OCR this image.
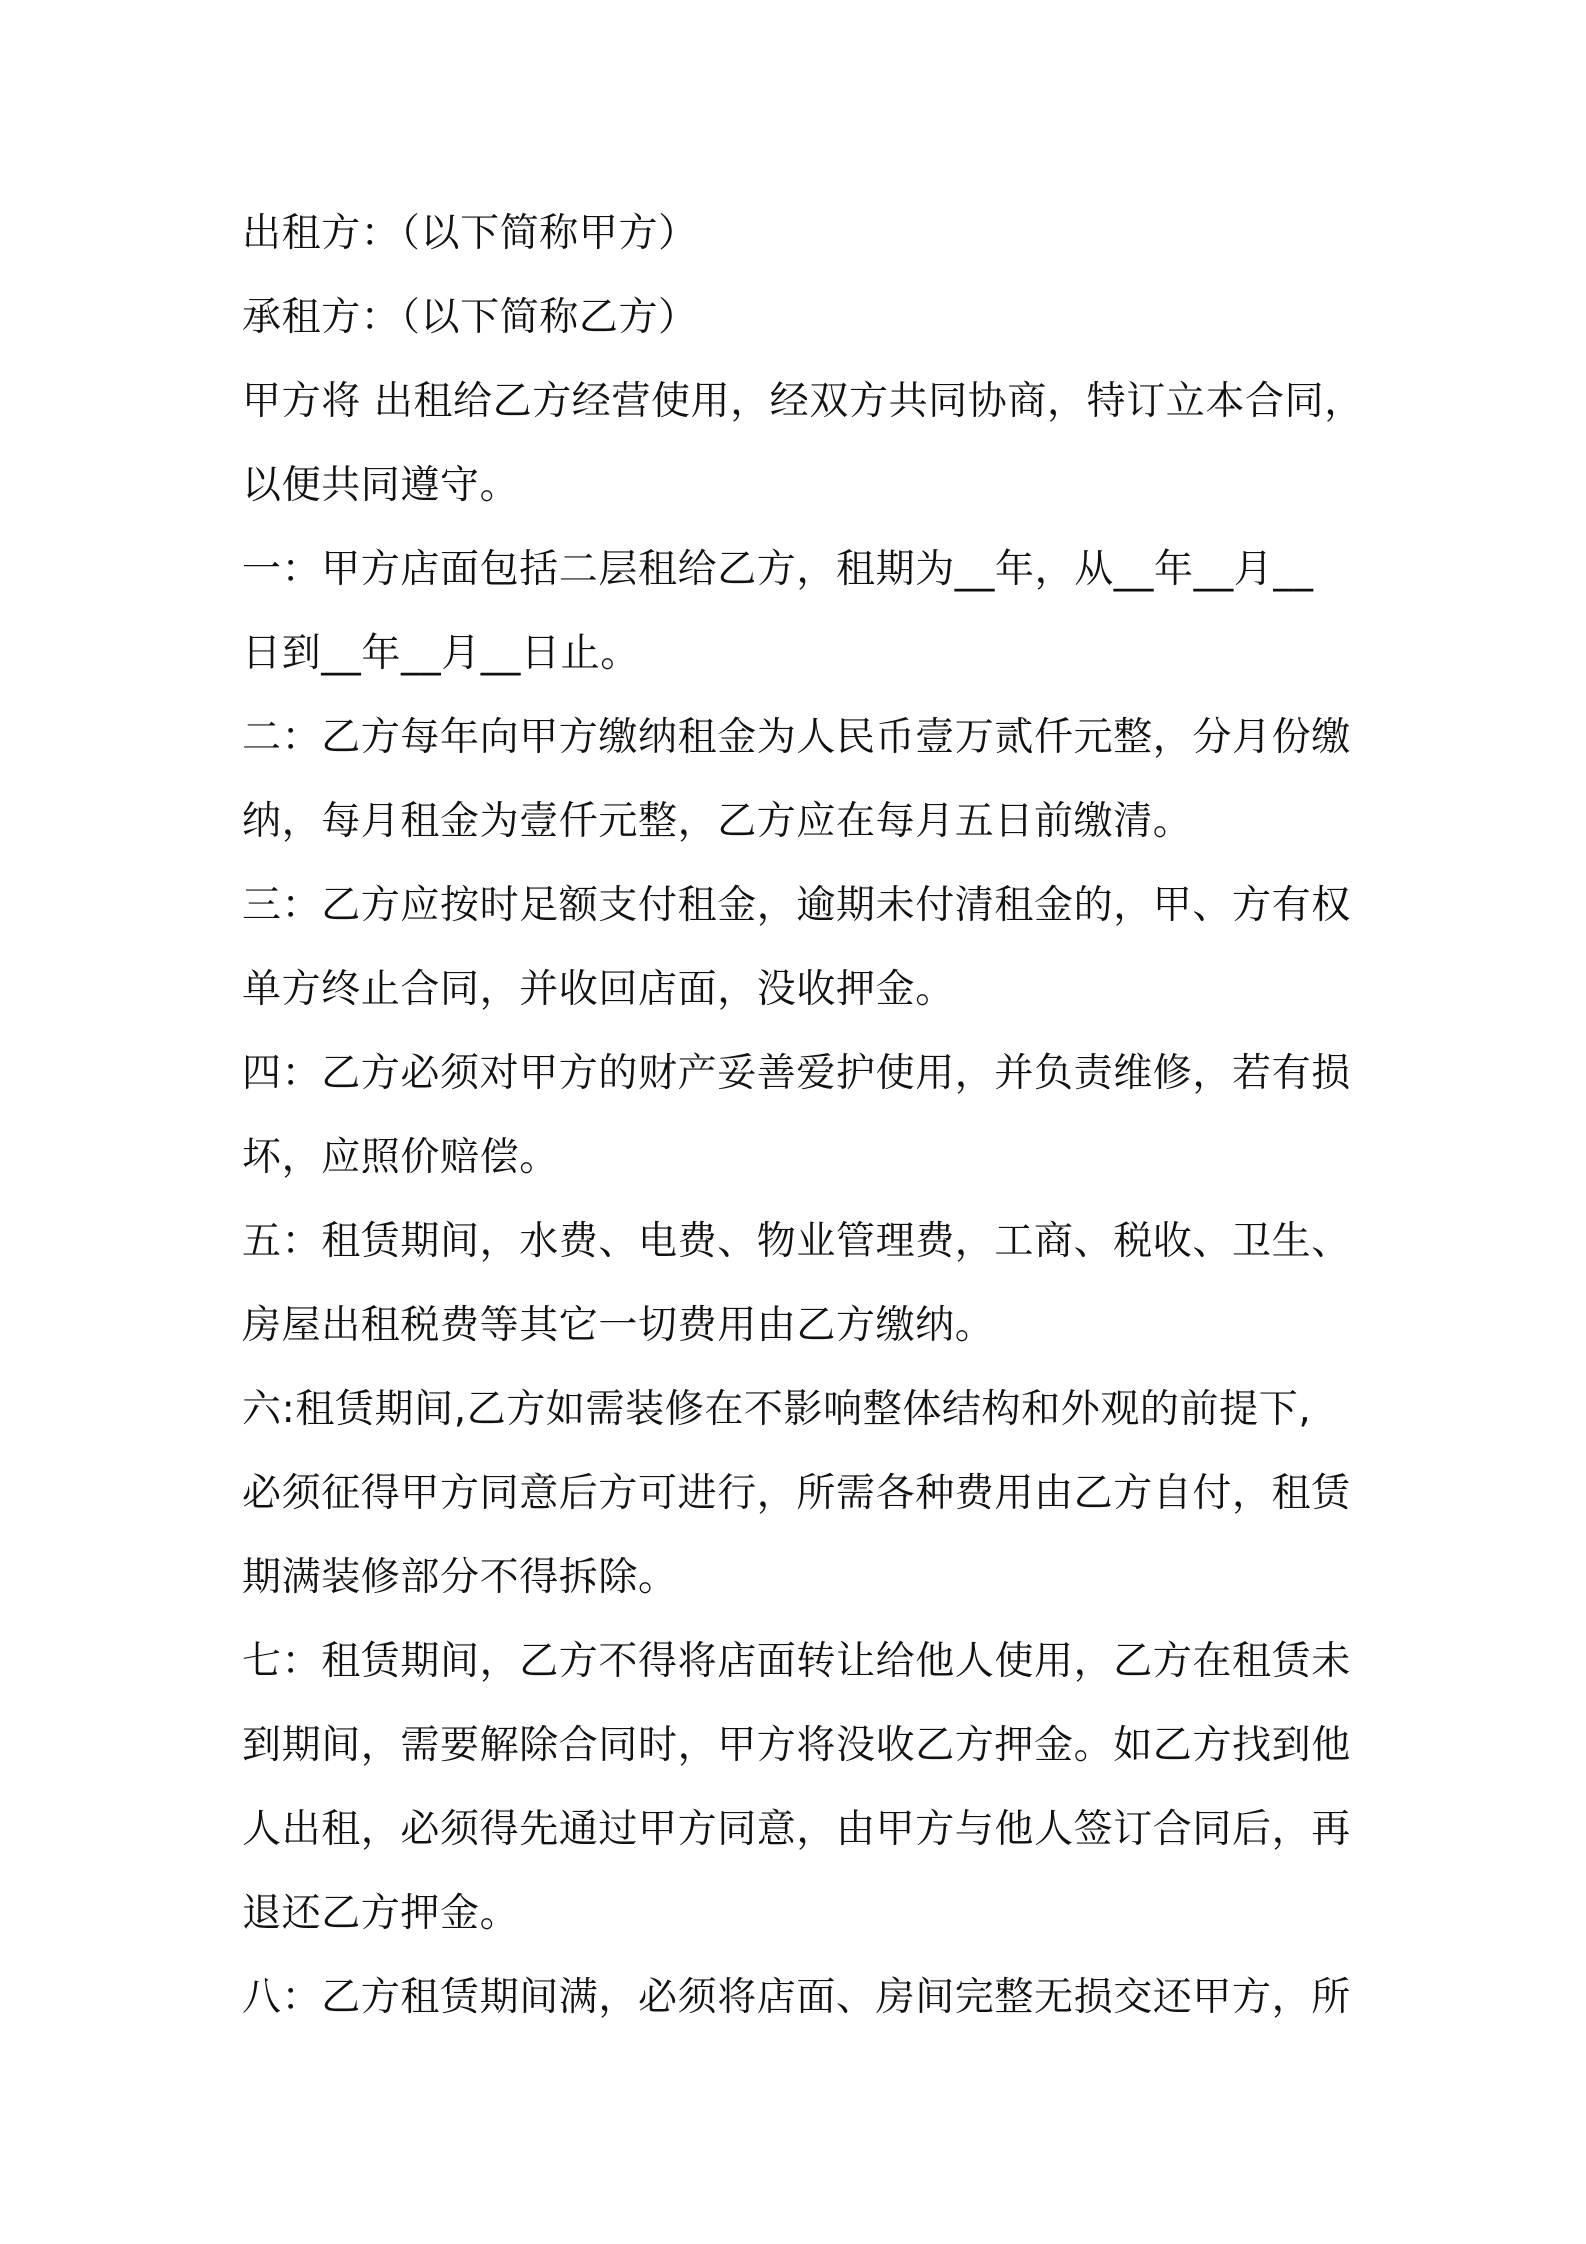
出租方：（以下简称甲方）
承租方：（以下简称乙方）
甲方将 出租给乙方经营使用，经双方共同协商，特订立本合同，
以便共同遵守。
一：甲方店面包括二层租给乙方，租期为__年，从__年__月__
日到__年__月__日止。
二：乙方每年向甲方缴纳租金为人民币壹万贰仟元整，分月份缴
纳，每月租金为壹仟元整，乙方应在每月五日前缴清。
三：乙方应按时足额支付租金，逾期未付清租金的，甲、方有权
单方终止合同，并收回店面，没收押金。
四：乙方必须对甲方的财产妥善爱护使用，并负责维修，若有损
坏，应照价赔偿。
五：租赁期间，水费、电费、物业管理费，工商、税收、卫生、
房屋出租税费等其它一切费用由乙方缴纳。
六:租赁期间,乙方如需装修在不影响整体结构和外观的前提下,
必须征得甲方同意后方可进行，所需各种费用由乙方自付，租赁
期满装修部分不得拆除。
七：租赁期间，乙方不得将店面转让给他人使用，乙方在租赁未
到期间，需要解除合同时，甲方将没收乙方押金。如乙方找到他
人出租，必须得先通过甲方同意，由甲方与他人签订合同后，再
退还乙方押金。
八：乙方租赁期间满，必须将店面、房间完整无损交还甲方，所
